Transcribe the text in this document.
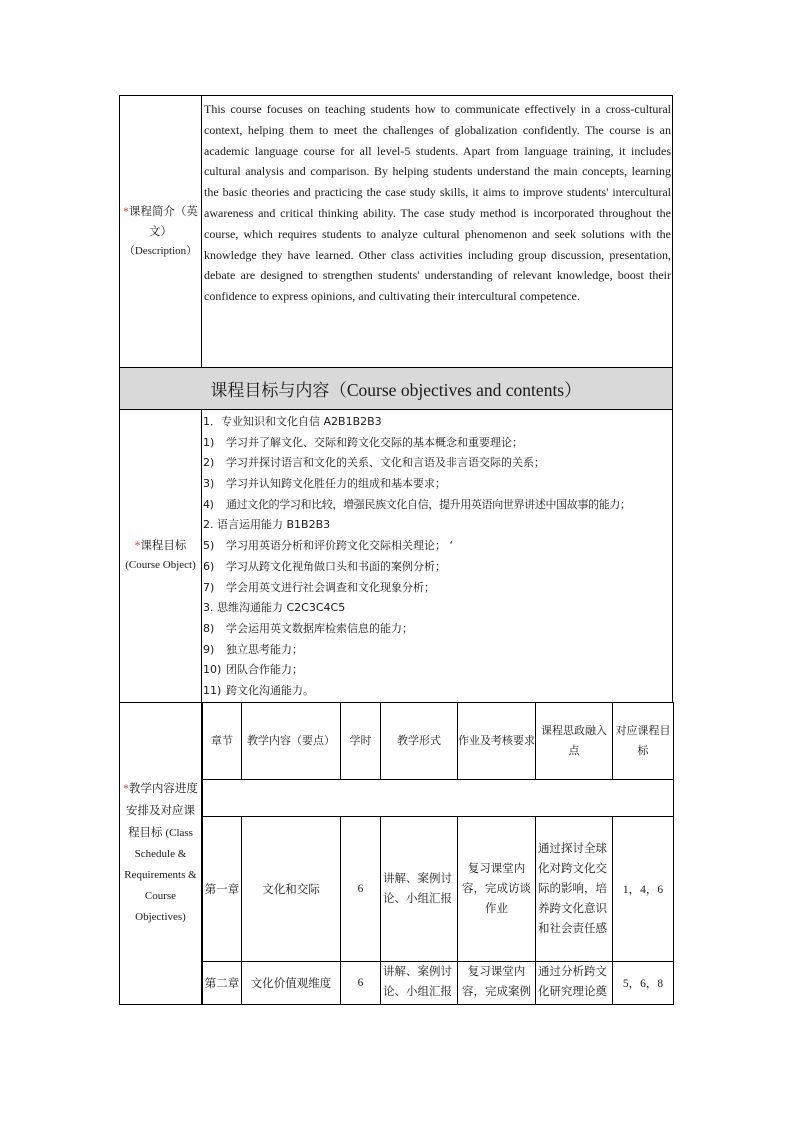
*课程简介（英文）
（Description）	This course focuses on teaching students how to communicate effectively in a cross-cultural context, helping them to meet the challenges of globalization confidently. The course is an academic language course for all level-5 students. Apart from language training, it includes cultural analysis and comparison. By helping students understand the main concepts, learning the basic theories and practicing the case study skills, it aims to improve students' intercultural awareness and critical thinking ability. The case study method is incorporated throughout the course, which requires students to analyze cultural phenomenon and seek solutions with the knowledge they have learned. Other class activities including group discussion, presentation, debate are designed to strengthen students' understanding of relevant knowledge, boost their confidence to express opinions, and cultivating their intercultural competence.
课程目标与内容（Course objectives and contents）
*课程目标
(Course Object)	
1．专业知识和文化自信 A2B1B2B3
1) 学习并了解文化、交际和跨文化交际的基本概念和重要理论；
2) 学习并探讨语言和文化的关系、文化和言语及非言语交际的关系；
3) 学习并认知跨文化胜任力的组成和基本要求；
4) 通过文化的学习和比较，增强民族文化自信，提升用英语向世界讲述中国故事的能力；
2. 语言运用能力 B1B2B3
5) 学习用英语分析和评价跨文化交际相关理论； ‘
6) 学习从跨文化视角做口头和书面的案例分析；
7) 学会用英文进行社会调查和文化现象分析；
3. 思维沟通能力 C2C3C4C5
8) 学会运用英文数据库检索信息的能力；
9) 独立思考能力；
10) 团队合作能力；
11) 跨文化沟通能力。

*教学内容进度安排及对应课程目标 (Class Schedule & Requirements & Course Objectives)	
章节	教学内容（要点）	学时	教学形式	作业及考核要求	课程思政融入点	对应课程目标

第一章	文化和交际	6	讲解、案例讨论、小组汇报	复习课堂内容，完成访谈作业	通过探讨全球化对跨文化交际的影响，培养跨文化意识和社会责任感	1，4，6
第二章	文化价值观维度	6	讲解、案例讨论、小组汇报	复习课堂内容，完成案例	通过分析跨文化研究理论奠	5，6，8
